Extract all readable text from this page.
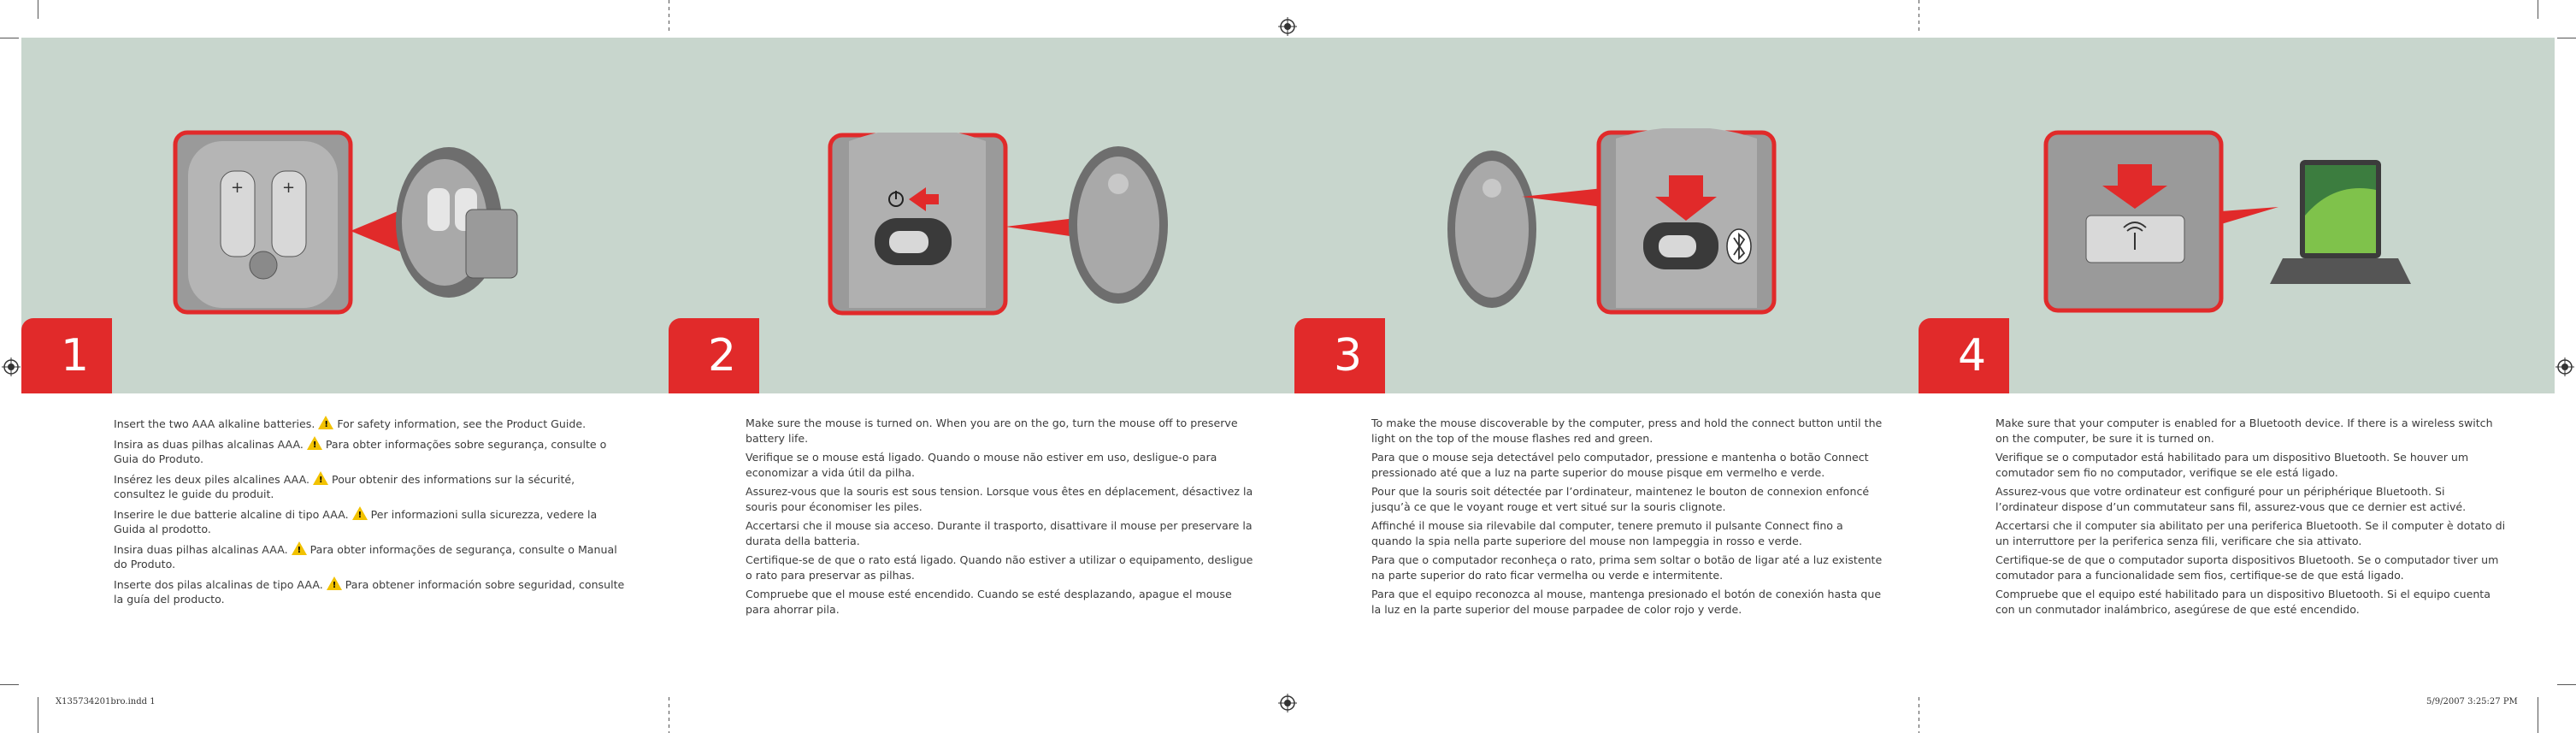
+ +
1	2	3	4

Insert the two AAA alkaline batteries. ! For safety information, see the Product Guide.

Insira as duas pilhas alcalinas AAA. ! Para obter informações sobre segurança, consulte o Guia do Produto.

Insérez les deux piles alcalines AAA. ! Pour obtenir des informations sur la sécurité, consultez le guide du produit.

Inserire le due batterie alcaline di tipo AAA. ! Per informazioni sulla sicurezza, vedere la Guida al prodotto.

Insira duas pilhas alcalinas AAA. ! Para obter informações de segurança, consulte o Manual do Produto.

Inserte dos pilas alcalinas de tipo AAA. ! Para obtener información sobre seguridad, consulte la guía del producto.

Make sure the mouse is turned on. When you are on the go, turn the mouse off to preserve battery life.

Verifique se o mouse está ligado. Quando o mouse não estiver em uso, desligue-o para economizar a vida útil da pilha.

Assurez-vous que la souris est sous tension. Lorsque vous êtes en déplacement, désactivez la souris pour économiser les piles.

Accertarsi che il mouse sia acceso. Durante il trasporto, disattivare il mouse per preservare la durata della batteria.

Certifique-se de que o rato está ligado. Quando não estiver a utilizar o equipamento, desligue o rato para preservar as pilhas.

Compruebe que el mouse esté encendido. Cuando se esté desplazando, apague el mouse para ahorrar pila.

To make the mouse discoverable by the computer, press and hold the connect button until the light on the top of the mouse flashes red and green.

Para que o mouse seja detectável pelo computador, pressione e mantenha o botão Connect pressionado até que a luz na parte superior do mouse pisque em vermelho e verde.

Pour que la souris soit détectée par l’ordinateur, maintenez le bouton de connexion enfoncé jusqu’à ce que le voyant rouge et vert situé sur la souris clignote.

Affinché il mouse sia rilevabile dal computer, tenere premuto il pulsante Connect fino a quando la spia nella parte superiore del mouse non lampeggia in rosso e verde.

Para que o computador reconheça o rato, prima sem soltar o botão de ligar até a luz existente na parte superior do rato ficar vermelha ou verde e intermitente.

Para que el equipo reconozca al mouse, mantenga presionado el botón de conexión hasta que la luz en la parte superior del mouse parpadee de color rojo y verde.

Make sure that your computer is enabled for a Bluetooth device. If there is a wireless switch on the computer, be sure it is turned on.

Verifique se o computador está habilitado para um dispositivo Bluetooth. Se houver um comutador sem fio no computador, verifique se ele está ligado.

Assurez-vous que votre ordinateur est configuré pour un périphérique Bluetooth. Si l’ordinateur dispose d’un commutateur sans fil, assurez-vous que ce dernier est activé.

Accertarsi che il computer sia abilitato per una periferica Bluetooth. Se il computer è dotato di un interruttore per la periferica senza fili, verificare che sia attivato.

Certifique-se de que o computador suporta dispositivos Bluetooth. Se o computador tiver um comutador para a funcionalidade sem fios, certifique-se de que está ligado.

Compruebe que el equipo esté habilitado para un dispositivo Bluetooth. Si el equipo cuenta con un conmutador inalámbrico, asegúrese de que esté encendido.

X135734201bro.indd 1	5/9/2007 3:25:27 PM
